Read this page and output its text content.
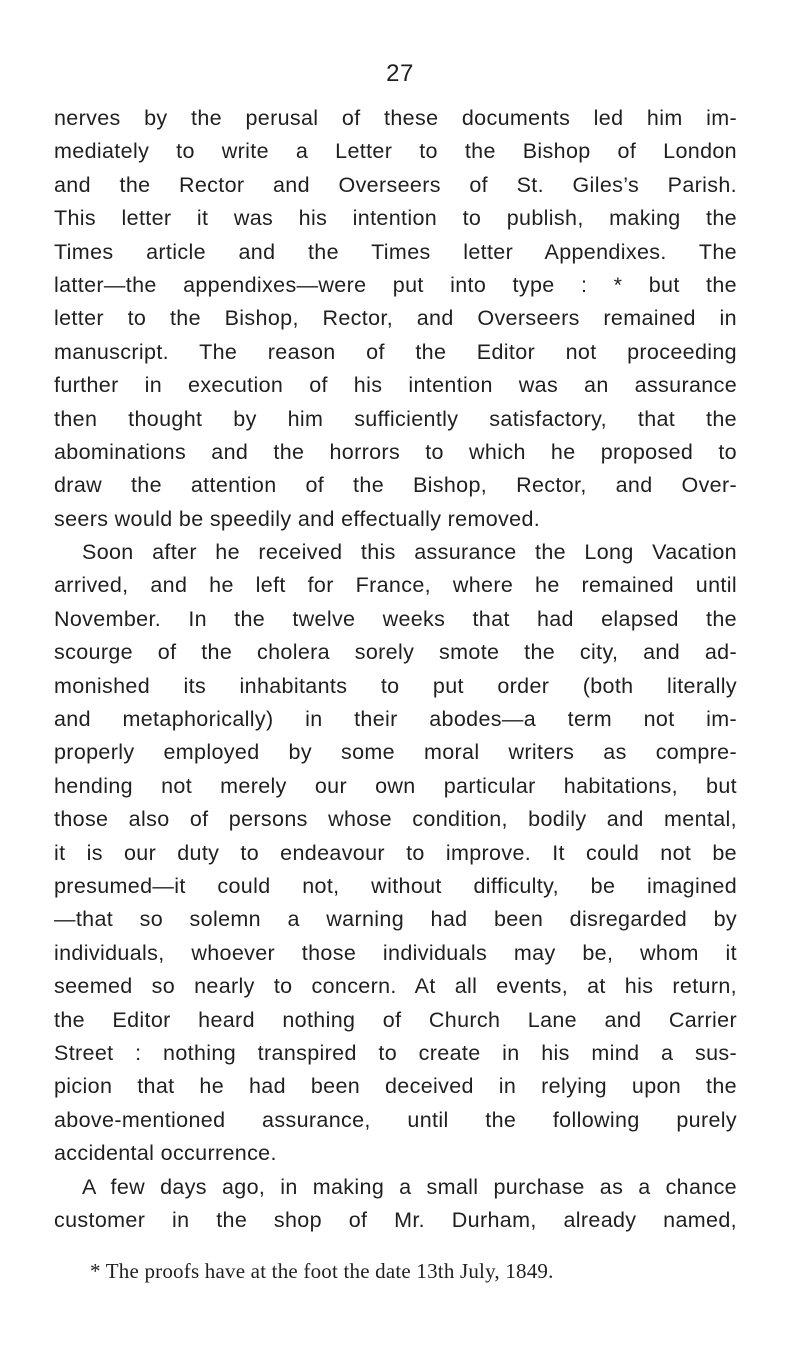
27
nerves by the perusal of these documents led him im-
mediately to write a Letter to the Bishop of London
and the Rector and Overseers of St. Giles’s Parish.
This letter it was his intention to publish, making the
Times article and the Times letter Appendixes. The
latter—the appendixes—were put into type : * but the
letter to the Bishop, Rector, and Overseers remained in
manuscript. The reason of the Editor not proceeding
further in execution of his intention was an assurance
then thought by him sufficiently satisfactory, that the
abominations and the horrors to which he proposed to
draw the attention of the Bishop, Rector, and Over-
seers would be speedily and effectually removed.
Soon after he received this assurance the Long Vacation
arrived, and he left for France, where he remained until
November. In the twelve weeks that had elapsed the
scourge of the cholera sorely smote the city, and ad-
monished its inhabitants to put order (both literally
and metaphorically) in their abodes—a term not im-
properly employed by some moral writers as compre-
hending not merely our own particular habitations, but
those also of persons whose condition, bodily and mental,
it is our duty to endeavour to improve. It could not be
presumed—it could not, without difficulty, be imagined
—that so solemn a warning had been disregarded by
individuals, whoever those individuals may be, whom it
seemed so nearly to concern. At all events, at his return,
the Editor heard nothing of Church Lane and Carrier
Street : nothing transpired to create in his mind a sus-
picion that he had been deceived in relying upon the
above-mentioned assurance, until the following purely
accidental occurrence.
A few days ago, in making a small purchase as a chance
customer in the shop of Mr. Durham, already named,
* The proofs have at the foot the date 13th July, 1849.
